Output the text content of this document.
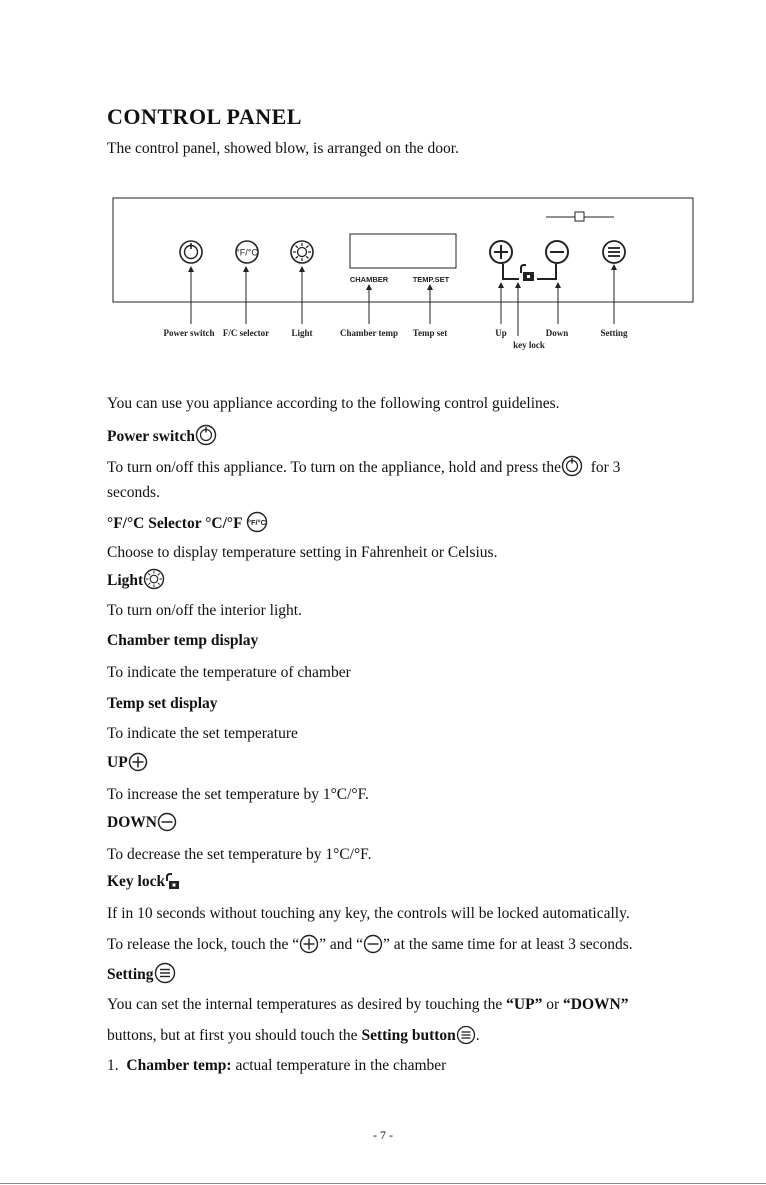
CONTROL PANEL
The control panel, showed blow, is arranged on the door.
°F/°C
CHAMBER	TEMP.SET
Power switch F/C selector Light	Chamber temp Temp set	Up	Down
key lock
Setting
You can use you appliance according to the following control guidelines.
Power switch
To turn on/off this appliance. To turn on the appliance, hold and press the for 3
seconds.
°F/°C Selector °C/°F °F/°C
Choose to display temperature setting in Fahrenheit or Celsius.
Light
To turn on/off the interior light.
Chamber temp display
To indicate the temperature of chamber
Temp set display
To indicate the set temperature
UP
To increase the set temperature by 1°C/°F.
DOWN
To decrease the set temperature by 1°C/°F.
Key lock
If in 10 seconds without touching any key, the controls will be locked automatically.
To release the lock, touch the “ ” and “ ” at the same time for at least 3 seconds.
Setting
You can set the internal temperatures as desired by touching the “UP” or “DOWN”
buttons, but at first you should touch the Setting button .
1. Chamber temp: actual temperature in the chamber
- 7 -
